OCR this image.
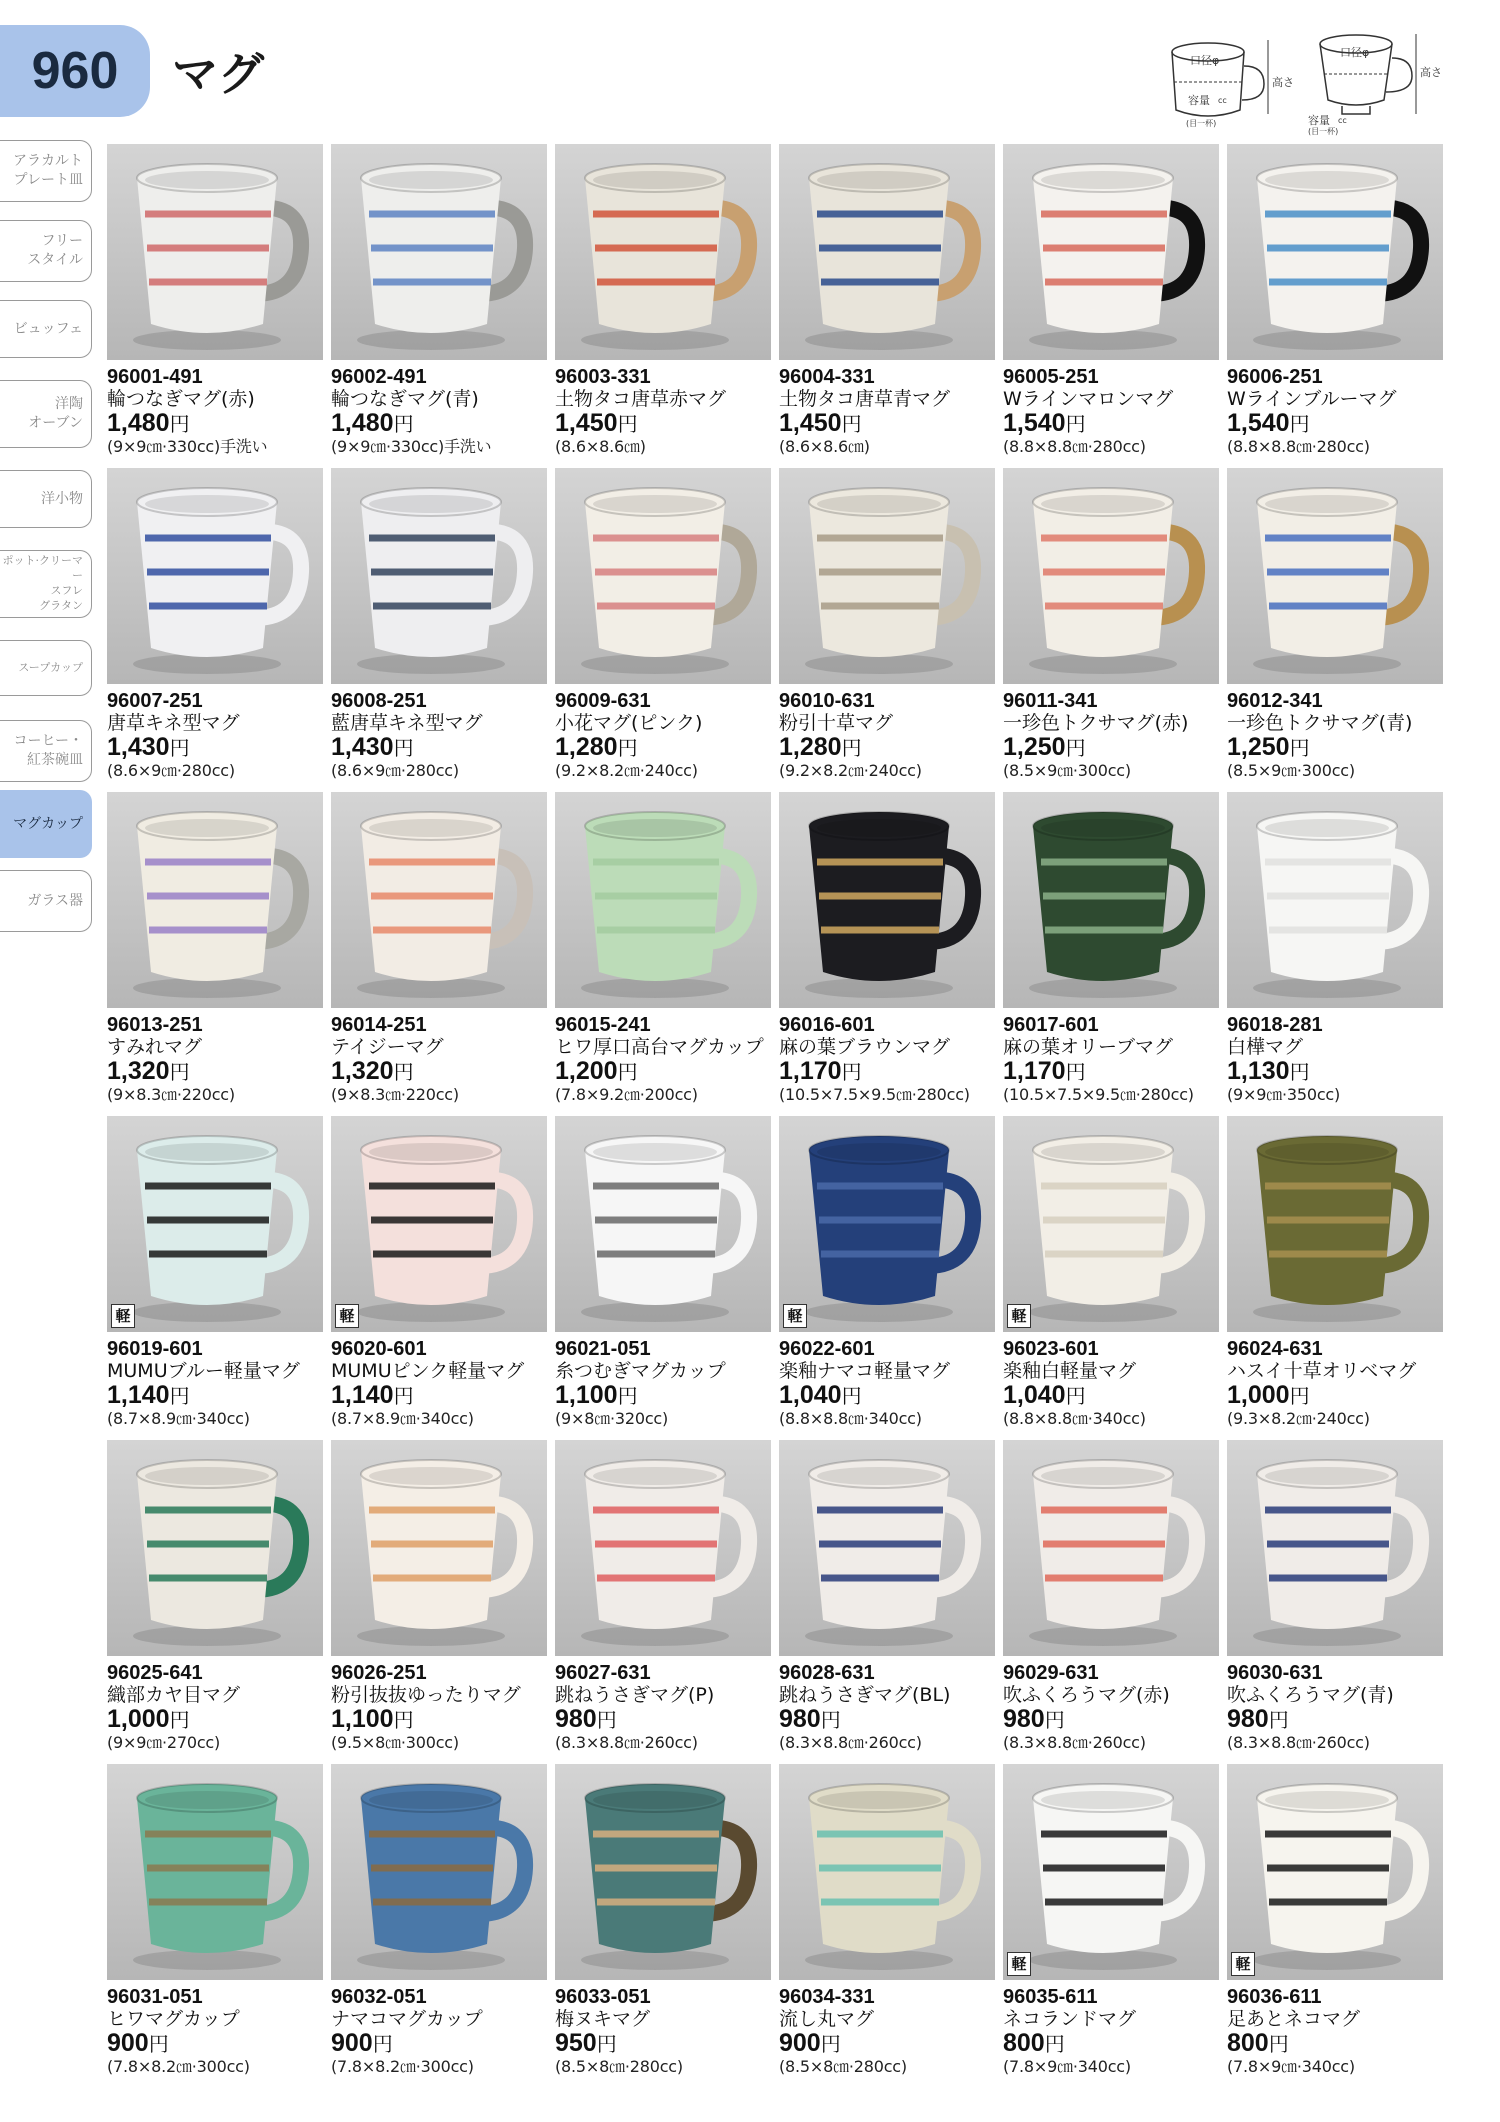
960	マグ	口径φ
高さ
容量 cc
(目一杯)
口径φ
高さ
容量 cc
(目一杯)
アラカルト
プレート皿
フリー
スタイル
ビュッフェ
洋陶
オーブン
洋小物
ポット·クリーマー
スフレ
グラタン
スープカップ
コーヒー・
紅茶碗皿
マグカップ
ガラス器
96001-491
輪つなぎマグ(赤)
1,480円
(9×9㎝·330cc)手洗い
96002-491
輪つなぎマグ(青)
1,480円
(9×9㎝·330cc)手洗い
96003-331
土物タコ唐草赤マグ
1,450円
(8.6×8.6㎝)
96004-331
土物タコ唐草青マグ
1,450円
(8.6×8.6㎝)
96005-251
Wラインマロンマグ
1,540円
(8.8×8.8㎝·280cc)
96006-251
Wラインブルーマグ
1,540円
(8.8×8.8㎝·280cc)
96007-251
唐草キネ型マグ
1,430円
(8.6×9㎝·280cc)
96008-251
藍唐草キネ型マグ
1,430円
(8.6×9㎝·280cc)
96009-631
小花マグ(ピンク)
1,280円
(9.2×8.2㎝·240cc)
96010-631
粉引十草マグ
1,280円
(9.2×8.2㎝·240cc)
96011-341
一珍色トクサマグ(赤)
1,250円
(8.5×9㎝·300cc)
96012-341
一珍色トクサマグ(青)
1,250円
(8.5×9㎝·300cc)
96013-251
すみれマグ
1,320円
(9×8.3㎝·220cc)
96014-251
テイジーマグ
1,320円
(9×8.3㎝·220cc)
96015-241
ヒワ厚口高台マグカップ
1,200円
(7.8×9.2㎝·200cc)
96016-601
麻の葉ブラウンマグ
1,170円
(10.5×7.5×9.5㎝·280cc)
96017-601
麻の葉オリーブマグ
1,170円
(10.5×7.5×9.5㎝·280cc)
96018-281
白樺マグ
1,130円
(9×9㎝·350cc)
軽
96019-601
MUMUブルー軽量マグ
1,140円
(8.7×8.9㎝·340cc)
軽
96020-601
MUMUピンク軽量マグ
1,140円
(8.7×8.9㎝·340cc)
96021-051
糸つむぎマグカップ
1,100円
(9×8㎝·320cc)
軽
96022-601
楽釉ナマコ軽量マグ
1,040円
(8.8×8.8㎝·340cc)
軽
96023-601
楽釉白軽量マグ
1,040円
(8.8×8.8㎝·340cc)
96024-631
ハスイ十草オリベマグ
1,000円
(9.3×8.2㎝·240cc)
96025-641
織部カヤ目マグ
1,000円
(9×9㎝·270cc)
96026-251
粉引抜抜ゆったりマグ
1,100円
(9.5×8㎝·300cc)
96027-631
跳ねうさぎマグ(P)
980円
(8.3×8.8㎝·260cc)
96028-631
跳ねうさぎマグ(BL)
980円
(8.3×8.8㎝·260cc)
96029-631
吹ふくろうマグ(赤)
980円
(8.3×8.8㎝·260cc)
96030-631
吹ふくろうマグ(青)
980円
(8.3×8.8㎝·260cc)
96031-051
ヒワマグカップ
900円
(7.8×8.2㎝·300cc)
96032-051
ナマコマグカップ
900円
(7.8×8.2㎝·300cc)
96033-051
梅ヌキマグ
950円
(8.5×8㎝·280cc)
96034-331
流し丸マグ
900円
(8.5×8㎝·280cc)
軽
96035-611
ネコランドマグ
800円
(7.8×9㎝·340cc)
軽
96036-611
足あとネコマグ
800円
(7.8×9㎝·340cc)
